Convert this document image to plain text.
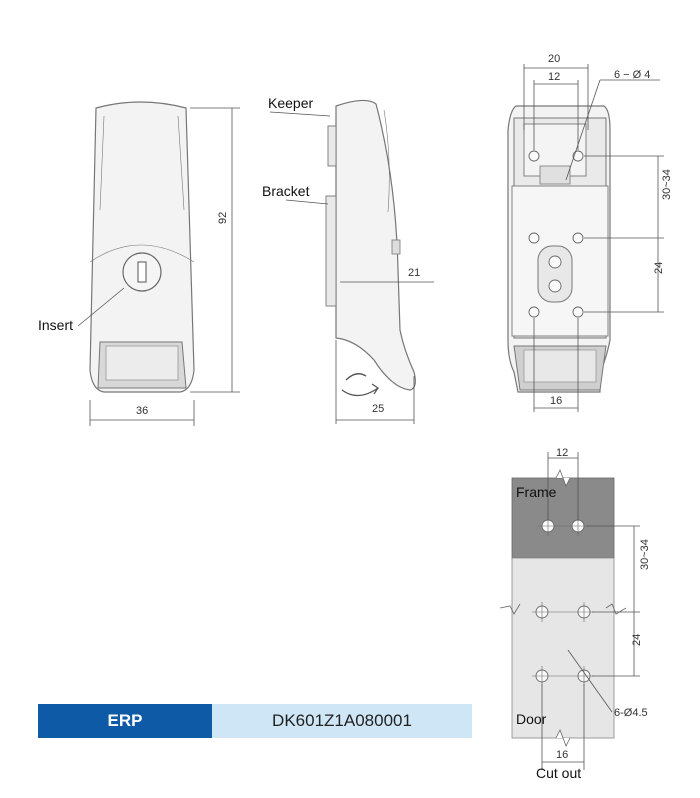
92
36
Insert
25
21
Keeper
Bracket
20
12	6 − Ø 4
30~34
24
16
12
30~34
24
6-Ø4.5
16
Frame
Door
Cut out
ERP	DK601Z1A080001
